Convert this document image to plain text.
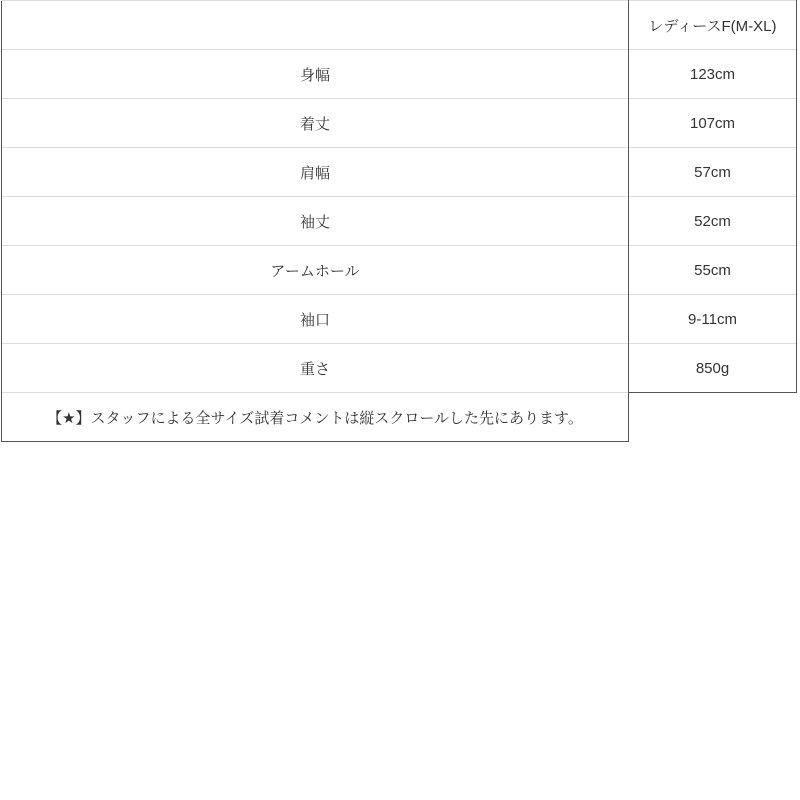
	レディースF(M-XL)
身幅	123cm
着丈	107cm
肩幅	57cm
袖丈	52cm
アームホール	55cm
袖口	9-11cm
重さ	850g
【★】スタッフによる全サイズ試着コメントは縦スクロールした先にあります。	
